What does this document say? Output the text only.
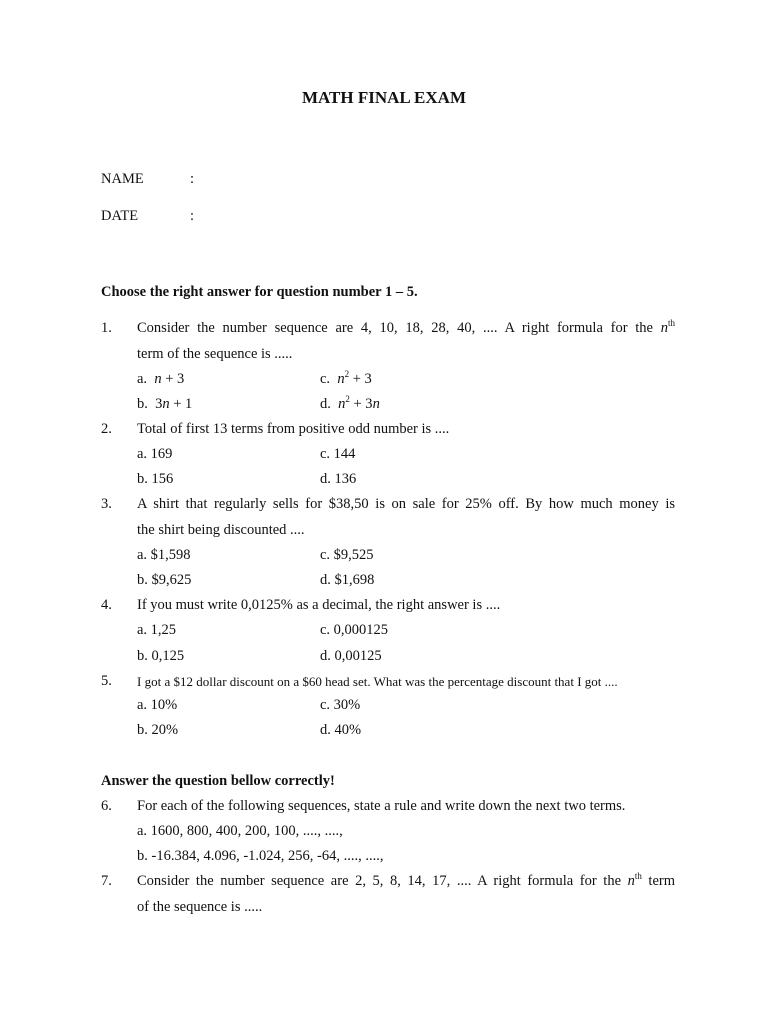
MATH FINAL EXAM
NAME	:
DATE	:
Choose the right answer for question number 1 – 5.
1. Consider the number sequence are 4, 10, 18, 28, 40, .... A right formula for the $n^{th}$
term of the sequence is .....
a. n + 3	c. $n^2 + 3$
b. 3n + 1	d. $n^2 + 3n$
2. Total of first 13 terms from positive odd number is ....
a. 169	c. 144
b. 156	d. 136
3. A shirt that regularly sells for $38,50 is on sale for 25% off. By how much money is
the shirt being discounted ....
a. $1,598	c. $9,525
b. $9,625	d. $1,698
4. If you must write 0,0125% as a decimal, the right answer is ....
a. 1,25	c. 0,000125
b. 0,125	d. 0,00125
5. I got a $12 dollar discount on a $60 head set. What was the percentage discount that I got ....
a. 10%	c. 30%
b. 20%	d. 40%
Answer the question bellow correctly!
6. For each of the following sequences, state a rule and write down the next two terms.
a. 1600, 800, 400, 200, 100, ...., ....,
b. -16.384, 4.096, -1.024, 256, -64, ...., ....,
7. Consider the number sequence are 2, 5, 8, 14, 17, .... A right formula for the $n^{th}$ term
of the sequence is .....
